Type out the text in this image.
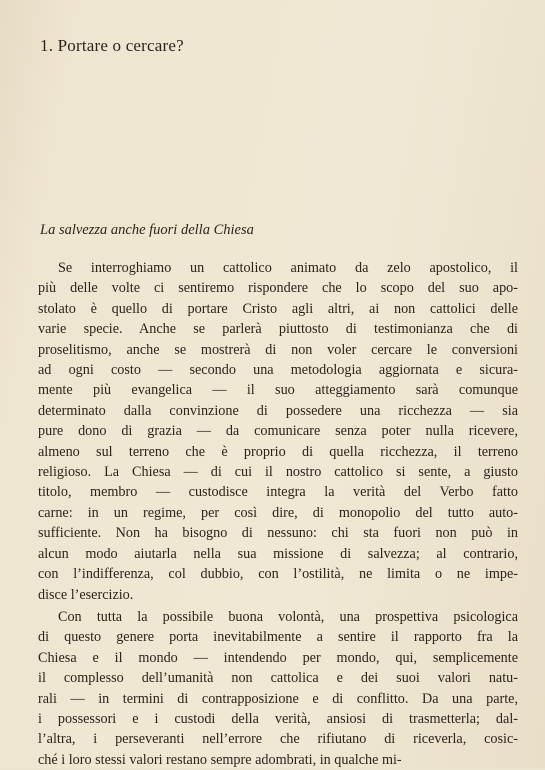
1. Portare o cercare?
La salvezza anche fuori della Chiesa

Se interroghiamo un cattolico animato da zelo apostolico, il
più delle volte ci sentiremo rispondere che lo scopo del suo apo-
stolato è quello di portare Cristo agli altri, ai non cattolici delle
varie specie. Anche se parlerà piuttosto di testimonianza che di
proselitismo, anche se mostrerà di non voler cercare le conversioni
ad ogni costo — secondo una metodologia aggiornata e sicura-
mente più evangelica — il suo atteggiamento sarà comunque
determinato dalla convinzione di possedere una ricchezza — sia
pure dono di grazia — da comunicare senza poter nulla ricevere,
almeno sul terreno che è proprio di quella ricchezza, il terreno
religioso. La Chiesa — di cui il nostro cattolico si sente, a giusto
titolo, membro — custodisce integra la verità del Verbo fatto
carne: in un regime, per così dire, di monopolio del tutto auto-
sufficiente. Non ha bisogno di nessuno: chi sta fuori non può in
alcun modo aiutarla nella sua missione di salvezza; al contrario,
con l’indifferenza, col dubbio, con l’ostilità, ne limita o ne impe-
disce l’esercizio.

Con tutta la possibile buona volontà, una prospettiva psicologica
di questo genere porta inevitabilmente a sentire il rapporto fra la
Chiesa e il mondo — intendendo per mondo, qui, semplicemente
il complesso dell’umanità non cattolica e dei suoi valori natu-
rali — in termini di contrapposizione e di conflitto. Da una parte,
i possessori e i custodi della verità, ansiosi di trasmetterla; dal-
l’altra, i perseveranti nell’errore che rifiutano di riceverla, cosic-
ché i loro stessi valori restano sempre adombrati, in qualche mi-
